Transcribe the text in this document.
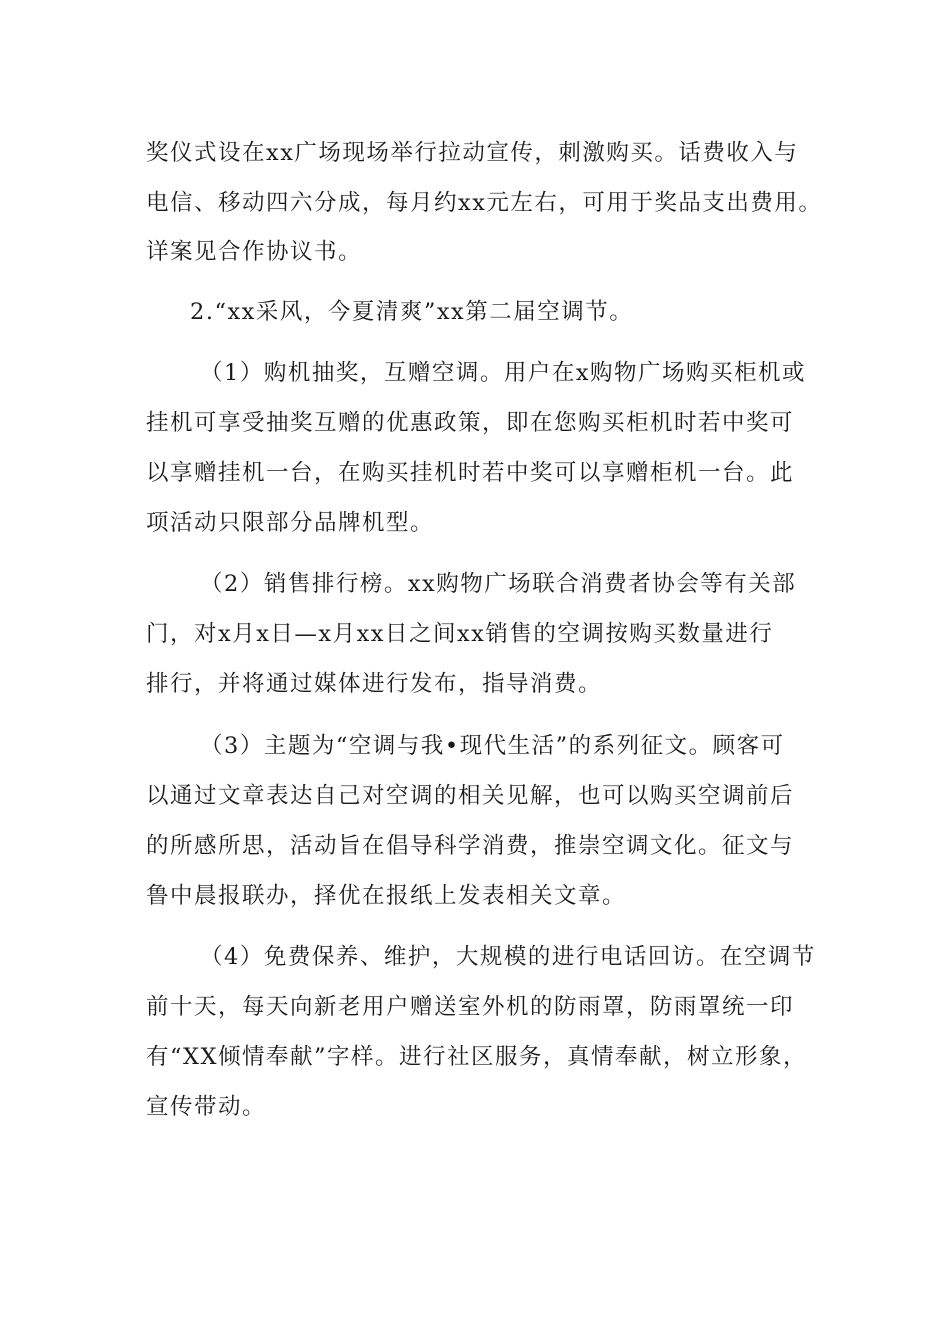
奖仪式设在xx广场现场举行拉动宣传，刺激购买。话费收入与
电信、移动四六分成，每月约xx元左右，可用于奖品支出费用。
详案见合作协议书。
2.“xx采风，今夏清爽”xx第二届空调节。
（1）购机抽奖，互赠空调。用户在x购物广场购买柜机或
挂机可享受抽奖互赠的优惠政策，即在您购买柜机时若中奖可
以享赠挂机一台，在购买挂机时若中奖可以享赠柜机一台。此
项活动只限部分品牌机型。
（2）销售排行榜。xx购物广场联合消费者协会等有关部
门，对x月x日—x月xx日之间xx销售的空调按购买数量进行
排行，并将通过媒体进行发布，指导消费。
（3）主题为“空调与我•现代生活”的系列征文。顾客可
以通过文章表达自己对空调的相关见解，也可以购买空调前后
的所感所思，活动旨在倡导科学消费，推崇空调文化。征文与
鲁中晨报联办，择优在报纸上发表相关文章。
（4）免费保养、维护，大规模的进行电话回访。在空调节
前十天，每天向新老用户赠送室外机的防雨罩，防雨罩统一印
有“XX倾情奉献”字样。进行社区服务，真情奉献，树立形象，
宣传带动。
